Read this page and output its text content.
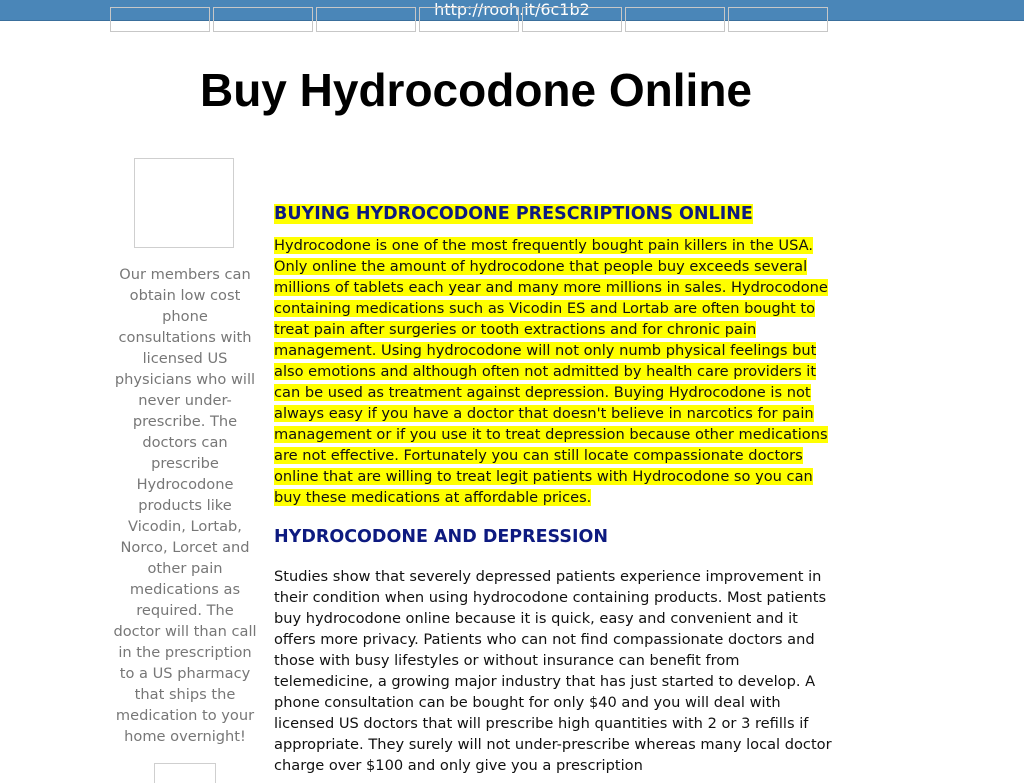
http://rooh.it/6c1b2
Buy Hydrocodone Online
Our members can obtain low cost phone consultations with licensed US physicians who will never under-prescribe. The doctors can prescribe Hydrocodone products like Vicodin, Lortab, Norco, Lorcet and other pain medications as required. The doctor will than call in the prescription to a US pharmacy that ships the medication to your home overnight!
BUYING HYDROCODONE PRESCRIPTIONS ONLINE

Hydrocodone is one of the most frequently bought pain killers in the USA. Only online the amount of hydrocodone that people buy exceeds several millions of tablets each year and many more millions in sales. Hydrocodone containing medications such as Vicodin ES and Lortab are often bought to treat pain after surgeries or tooth extractions and for chronic pain management. Using hydrocodone will not only numb physical feelings but also emotions and although often not admitted by health care providers it can be used as treatment against depression. Buying Hydrocodone is not always easy if you have a doctor that doesn't believe in narcotics for pain management or if you use it to treat depression because other medications are not effective. Fortunately you can still locate compassionate doctors online that are willing to treat legit patients with Hydrocodone so you can buy these medications at affordable prices.

HYDROCODONE AND DEPRESSION

Studies show that severely depressed patients experience improvement in their condition when using hydrocodone containing products. Most patients buy hydrocodone online because it is quick, easy and convenient and it offers more privacy. Patients who can not find compassionate doctors and those with busy lifestyles or without insurance can benefit from telemedicine, a growing major industry that has just started to develop. A phone consultation can be bought for only $40 and you will deal with licensed US doctors that will prescribe high quantities with 2 or 3 refills if appropriate. They surely will not under-prescribe whereas many local doctor charge over $100 and only give you a prescription
